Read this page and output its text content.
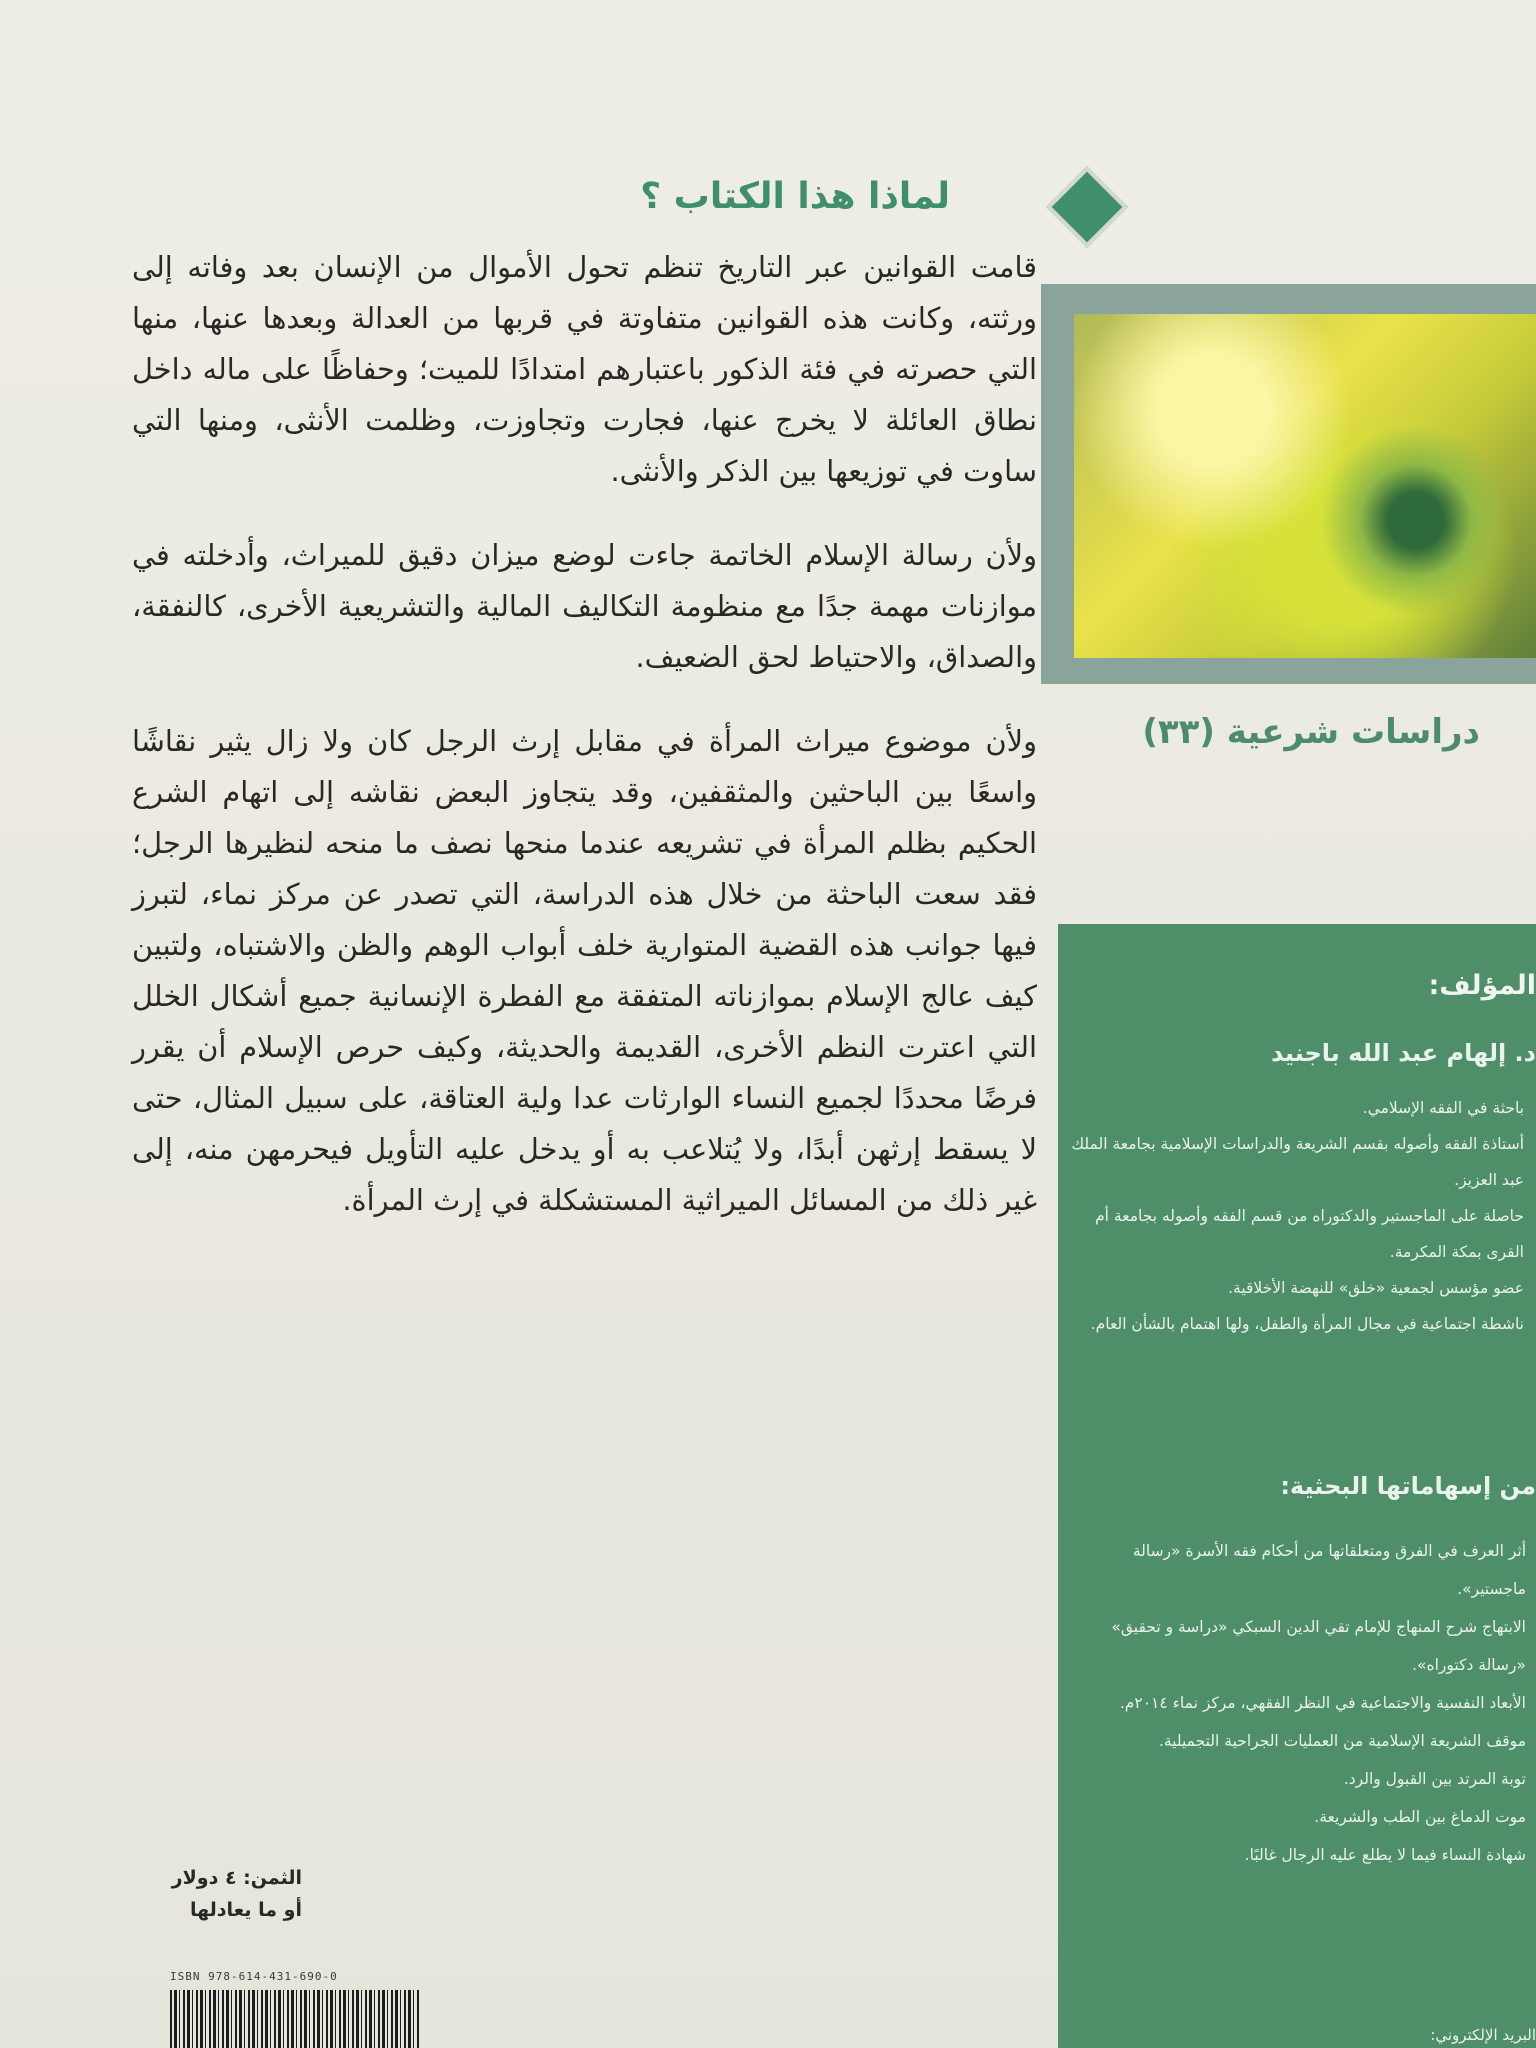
لماذا هذا الكتاب ؟

قامت القوانين عبر التاريخ تنظم تحول الأموال من الإنسان بعد وفاته إلى ورثته، وكانت هذه القوانين متفاوتة في قربها من العدالة وبعدها عنها، منها التي حصرته في فئة الذكور باعتبارهم امتدادًا للميت؛ وحفاظًا على ماله داخل نطاق العائلة لا يخرج عنها، فجارت وتجاوزت، وظلمت الأنثى، ومنها التي ساوت في توزيعها بين الذكر والأنثى.

ولأن رسالة الإسلام الخاتمة جاءت لوضع ميزان دقيق للميراث، وأدخلته في موازنات مهمة جدًا مع منظومة التكاليف المالية والتشريعية الأخرى، كالنفقة، والصداق، والاحتياط لحق الضعيف.

ولأن موضوع ميراث المرأة في مقابل إرث الرجل كان ولا زال يثير نقاشًا واسعًا بين الباحثين والمثقفين، وقد يتجاوز البعض نقاشه إلى اتهام الشرع الحكيم بظلم المرأة في تشريعه عندما منحها نصف ما منحه لنظيرها الرجل؛ فقد سعت الباحثة من خلال هذه الدراسة، التي تصدر عن مركز نماء، لتبرز فيها جوانب هذه القضية المتوارية خلف أبواب الوهم والظن والاشتباه، ولتبين كيف عالج الإسلام بموازناته المتفقة مع الفطرة الإنسانية جميع أشكال الخلل التي اعترت النظم الأخرى، القديمة والحديثة، وكيف حرص الإسلام أن يقرر فرضًا محددًا لجميع النساء الوارثات عدا ولية العتاقة، على سبيل المثال، حتى لا يسقط إرثهن أبدًا، ولا يُتلاعب به أو يدخل عليه التأويل فيحرمهن منه، إلى غير ذلك من المسائل الميراثية المستشكلة في إرث المرأة.

دراسات شرعية (٣٣)
المؤلف:
د. إلهام عبد الله باجنيد
باحثة في الفقه الإسلامي.
أستاذة الفقه وأصوله بقسم الشريعة والدراسات الإسلامية بجامعة الملك عبد العزيز.
حاصلة على الماجستير والدكتوراه من قسم الفقه وأصوله بجامعة أم القرى بمكة المكرمة.
عضو مؤسس لجمعية «خلق» للنهضة الأخلاقية.
ناشطة اجتماعية في مجال المرأة والطفل، ولها اهتمام بالشأن العام.
من إسهاماتها البحثية:
أثر العرف في الفرق ومتعلقاتها من أحكام فقه الأسرة «رسالة ماجستير».
الابتهاج شرح المنهاج للإمام تقي الدين السبكي «دراسة و تحقيق» «رسالة دكتوراه».
الأبعاد النفسية والاجتماعية في النظر الفقهي، مركز نماء ٢٠١٤م.
موقف الشريعة الإسلامية من العمليات الجراحية التجميلية.
توبة المرتد بين القبول والرد.
موت الدماغ بين الطب والشريعة.
شهادة النساء فيما لا يطلع عليه الرجال غالبًا.
البريد الإلكتروني:
الثمن: ٤ دولار
أو ما يعادلها
ISBN 978-614-431-690-0
